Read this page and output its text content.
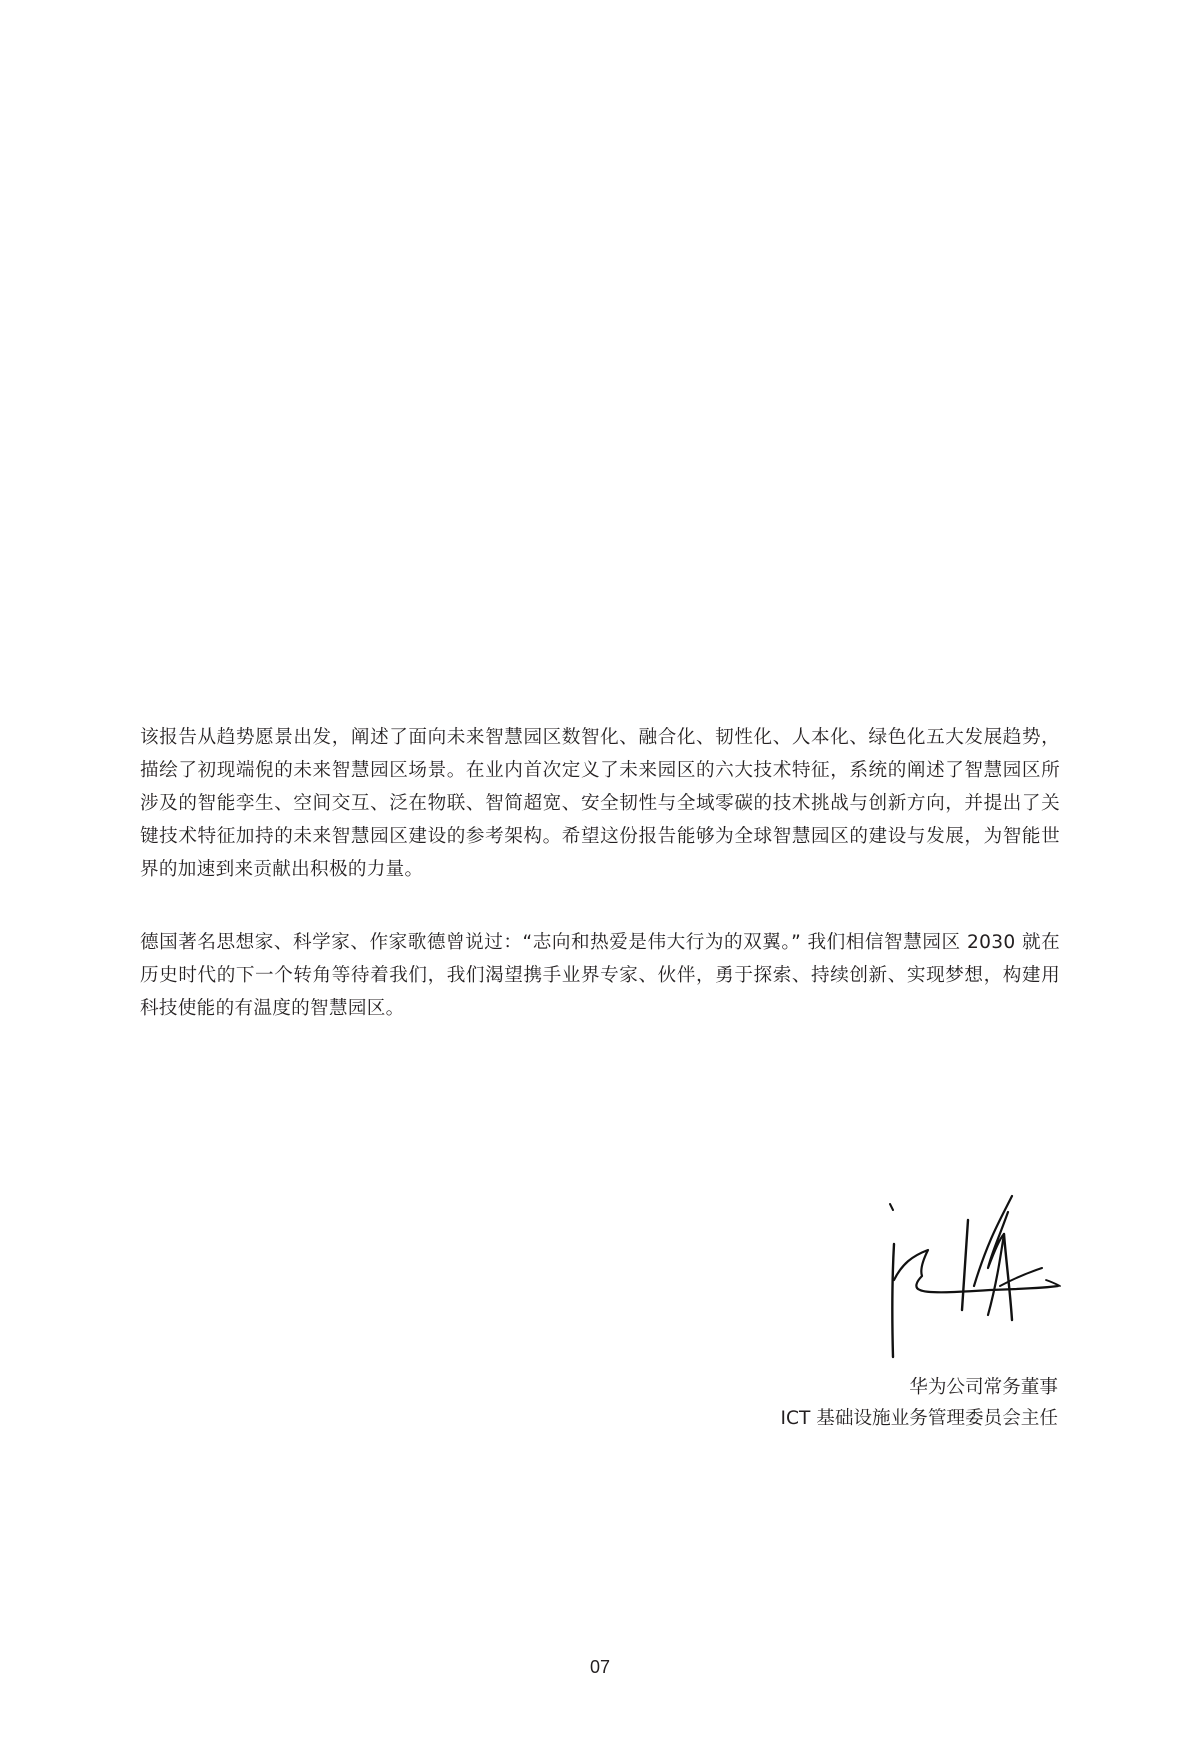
该报告从趋势愿景出发，阐述了面向未来智慧园区数智化、融合化、韧性化、人本化、绿色化五大发展趋势，描绘了初现端倪的未来智慧园区场景。在业内首次定义了未来园区的六大技术特征，系统的阐述了智慧园区所涉及的智能孪生、空间交互、泛在物联、智简超宽、安全韧性与全域零碳的技术挑战与创新方向，并提出了关键技术特征加持的未来智慧园区建设的参考架构。希望这份报告能够为全球智慧园区的建设与发展，为智能世界的加速到来贡献出积极的力量。

德国著名思想家、科学家、作家歌德曾说过：“志向和热爱是伟大行为的双翼。” 我们相信智慧园区 2030 就在历史时代的下一个转角等待着我们，我们渴望携手业界专家、伙伴，勇于探索、持续创新、实现梦想，构建用科技使能的有温度的智慧园区。

华为公司常务董事

ICT 基础设施业务管理委员会主任

07
